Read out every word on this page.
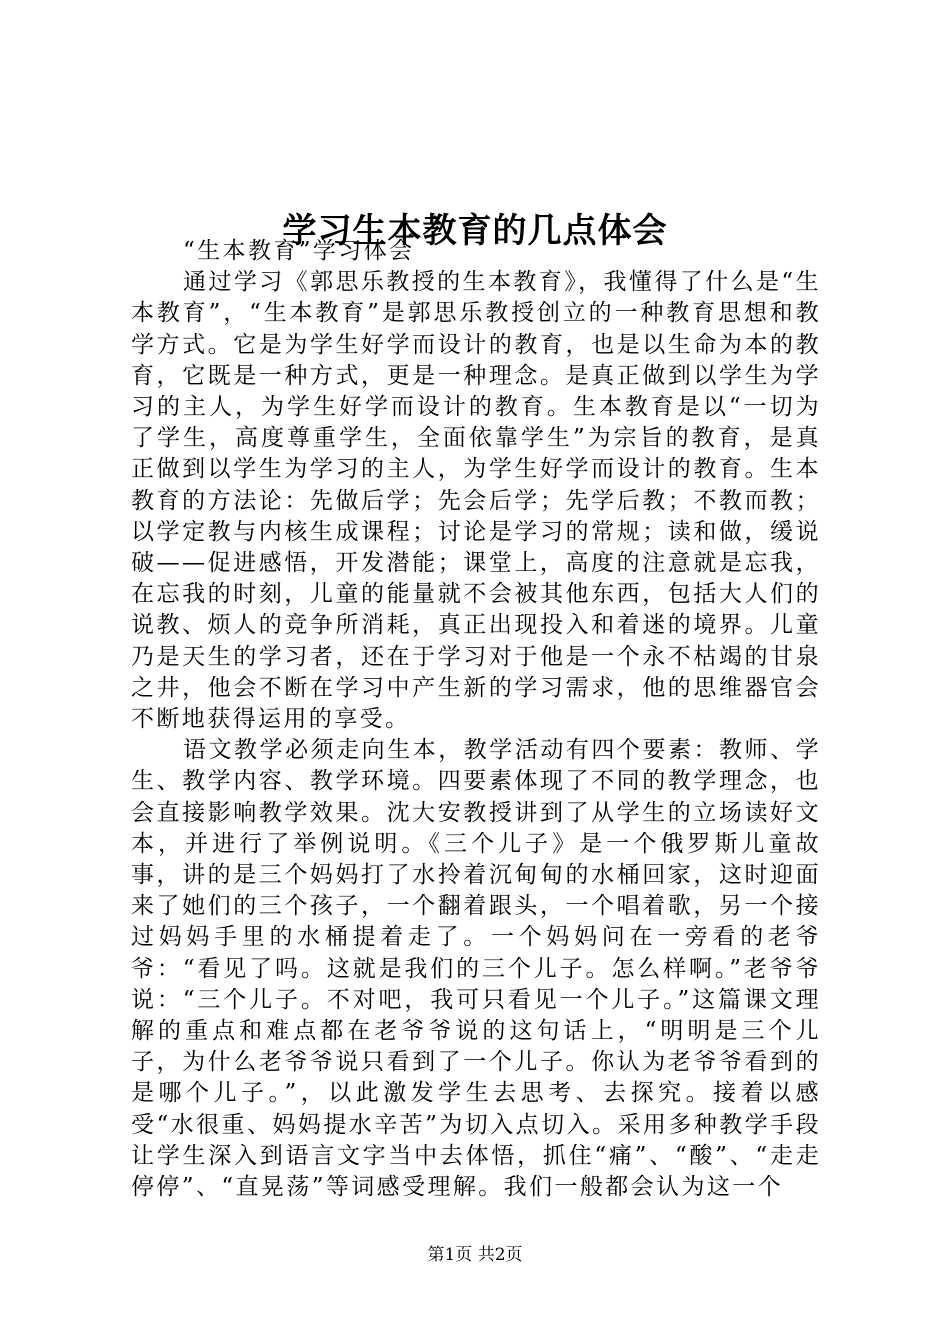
学习生本教育的几点体会

“生本教育”学习体会

通过学习《郭思乐教授的生本教育》，我懂得了什么是“生本教育”，“生本教育”是郭思乐教授创立的一种教育思想和教学方式。它是为学生好学而设计的教育，也是以生命为本的教育，它既是一种方式，更是一种理念。是真正做到以学生为学习的主人，为学生好学而设计的教育。生本教育是以“一切为了学生，高度尊重学生，全面依靠学生”为宗旨的教育，是真正做到以学生为学习的主人，为学生好学而设计的教育。生本教育的方法论：先做后学；先会后学；先学后教；不教而教；以学定教与内核生成课程；讨论是学习的常规；读和做，缓说破——促进感悟，开发潜能；课堂上，高度的注意就是忘我，在忘我的时刻，儿童的能量就不会被其他东西，包括大人们的说教、烦人的竞争所消耗，真正出现投入和着迷的境界。儿童乃是天生的学习者，还在于学习对于他是一个永不枯竭的甘泉之井，他会不断在学习中产生新的学习需求，他的思维器官会不断地获得运用的享受。

语文教学必须走向生本，教学活动有四个要素：教师、学生、教学内容、教学环境。四要素体现了不同的教学理念，也会直接影响教学效果。沈大安教授讲到了从学生的立场读好文本，并进行了举例说明。《三个儿子》是一个俄罗斯儿童故事，讲的是三个妈妈打了水拎着沉甸甸的水桶回家，这时迎面来了她们的三个孩子，一个翻着跟头，一个唱着歌，另一个接过妈妈手里的水桶提着走了。一个妈妈问在一旁看的老爷爷：“看见了吗。这就是我们的三个儿子。怎么样啊。”老爷爷说：“三个儿子。不对吧，我可只看见一个儿子。”这篇课文理解的重点和难点都在老爷爷说的这句话上，“明明是三个儿子，为什么老爷爷说只看到了一个儿子。你认为老爷爷看到的是哪个儿子。”，以此激发学生去思考、去探究。接着以感受“水很重、妈妈提水辛苦”为切入点切入。采用多种教学手段让学生深入到语言文字当中去体悟，抓住“痛”、“酸”、“走走停停”、“直晃荡”等词感受理解。我们一般都会认为这一个

第1页 共2页
